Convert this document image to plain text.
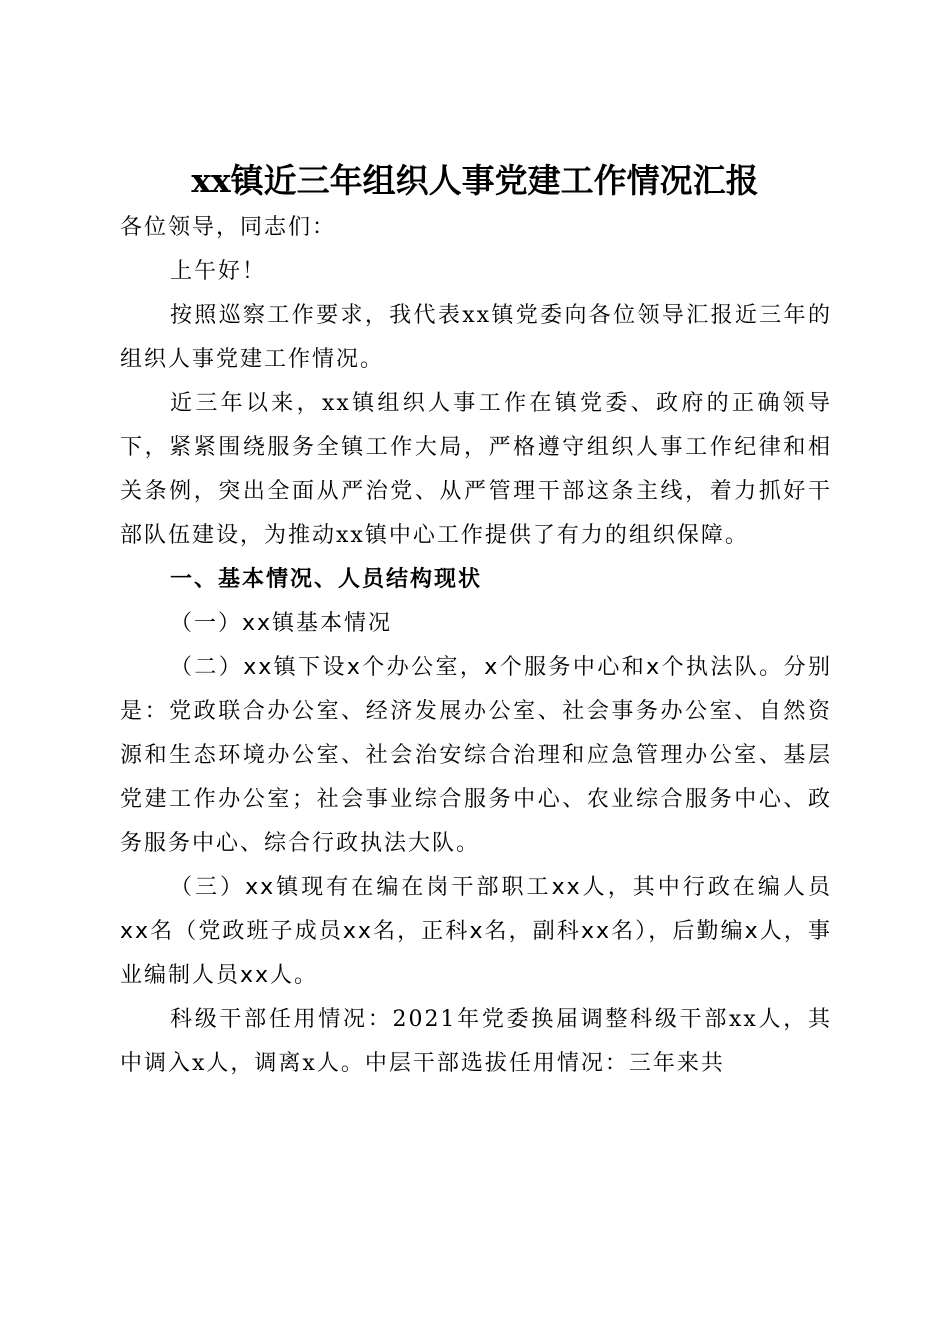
xx镇近三年组织人事党建工作情况汇报

各位领导，同志们：

上午好！

按照巡察工作要求，我代表xx镇党委向各位领导汇报近三年的组织人事党建工作情况。

近三年以来，xx镇组织人事工作在镇党委、政府的正确领导下，紧紧围绕服务全镇工作大局，严格遵守组织人事工作纪律和相关条例，突出全面从严治党、从严管理干部这条主线，着力抓好干部队伍建设，为推动xx镇中心工作提供了有力的组织保障。

一、基本情况、人员结构现状

（一）xx镇基本情况

（二）xx镇下设x个办公室，x个服务中心和x个执法队。分别是：党政联合办公室、经济发展办公室、社会事务办公室、自然资源和生态环境办公室、社会治安综合治理和应急管理办公室、基层党建工作办公室；社会事业综合服务中心、农业综合服务中心、政务服务中心、综合行政执法大队。

（三）xx镇现有在编在岗干部职工xx人，其中行政在编人员xx名（党政班子成员xx名，正科x名，副科xx名），后勤编x人，事业编制人员xx人。

科级干部任用情况：2021年党委换届调整科级干部xx人，其中调入x人，调离x人。中层干部选拔任用情况：三年来共
